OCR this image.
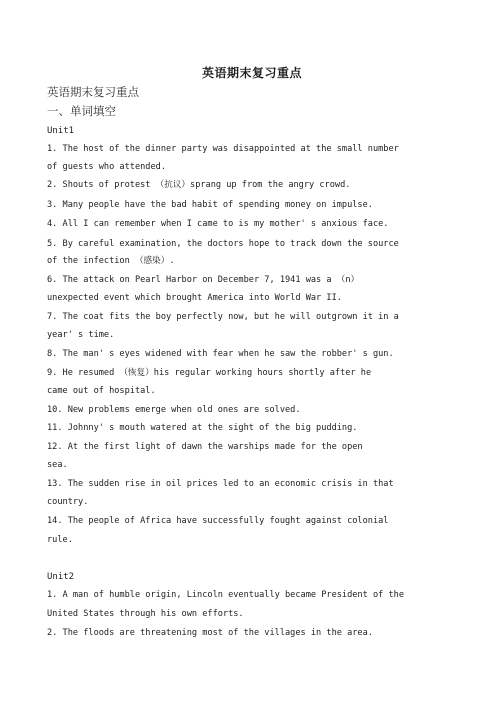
英语期末复习重点
英语期末复习重点
一、单词填空
Unit1
1. The host of the dinner party was disappointed at the small number
of guests who attended.
2. Shouts of protest （抗议）sprang up from the angry crowd.
3. Many people have the bad habit of spending money on impulse.
4. All I can remember when I came to is my mother' s anxious face.
5. By careful examination, the doctors hope to track down the source
of the infection （感染）.
6. The attack on Pearl Harbor on December 7, 1941 was a （n）
unexpected event which brought America into World War II.
7. The coat fits the boy perfectly now, but he will outgrown it in a
year' s time.
8. The man' s eyes widened with fear when he saw the robber' s gun.
9. He resumed （恢复）his regular working hours shortly after he
came out of hospital.
10. New problems emerge when old ones are solved.
11. Johnny' s mouth watered at the sight of the big pudding.
12. At the first light of dawn the warships made for the open
sea.
13. The sudden rise in oil prices led to an economic crisis in that
country.
14. The people of Africa have successfully fought against colonial
rule.
Unit2
1. A man of humble origin, Lincoln eventually became President of the
United States through his own efforts.
2. The floods are threatening most of the villages in the area.
